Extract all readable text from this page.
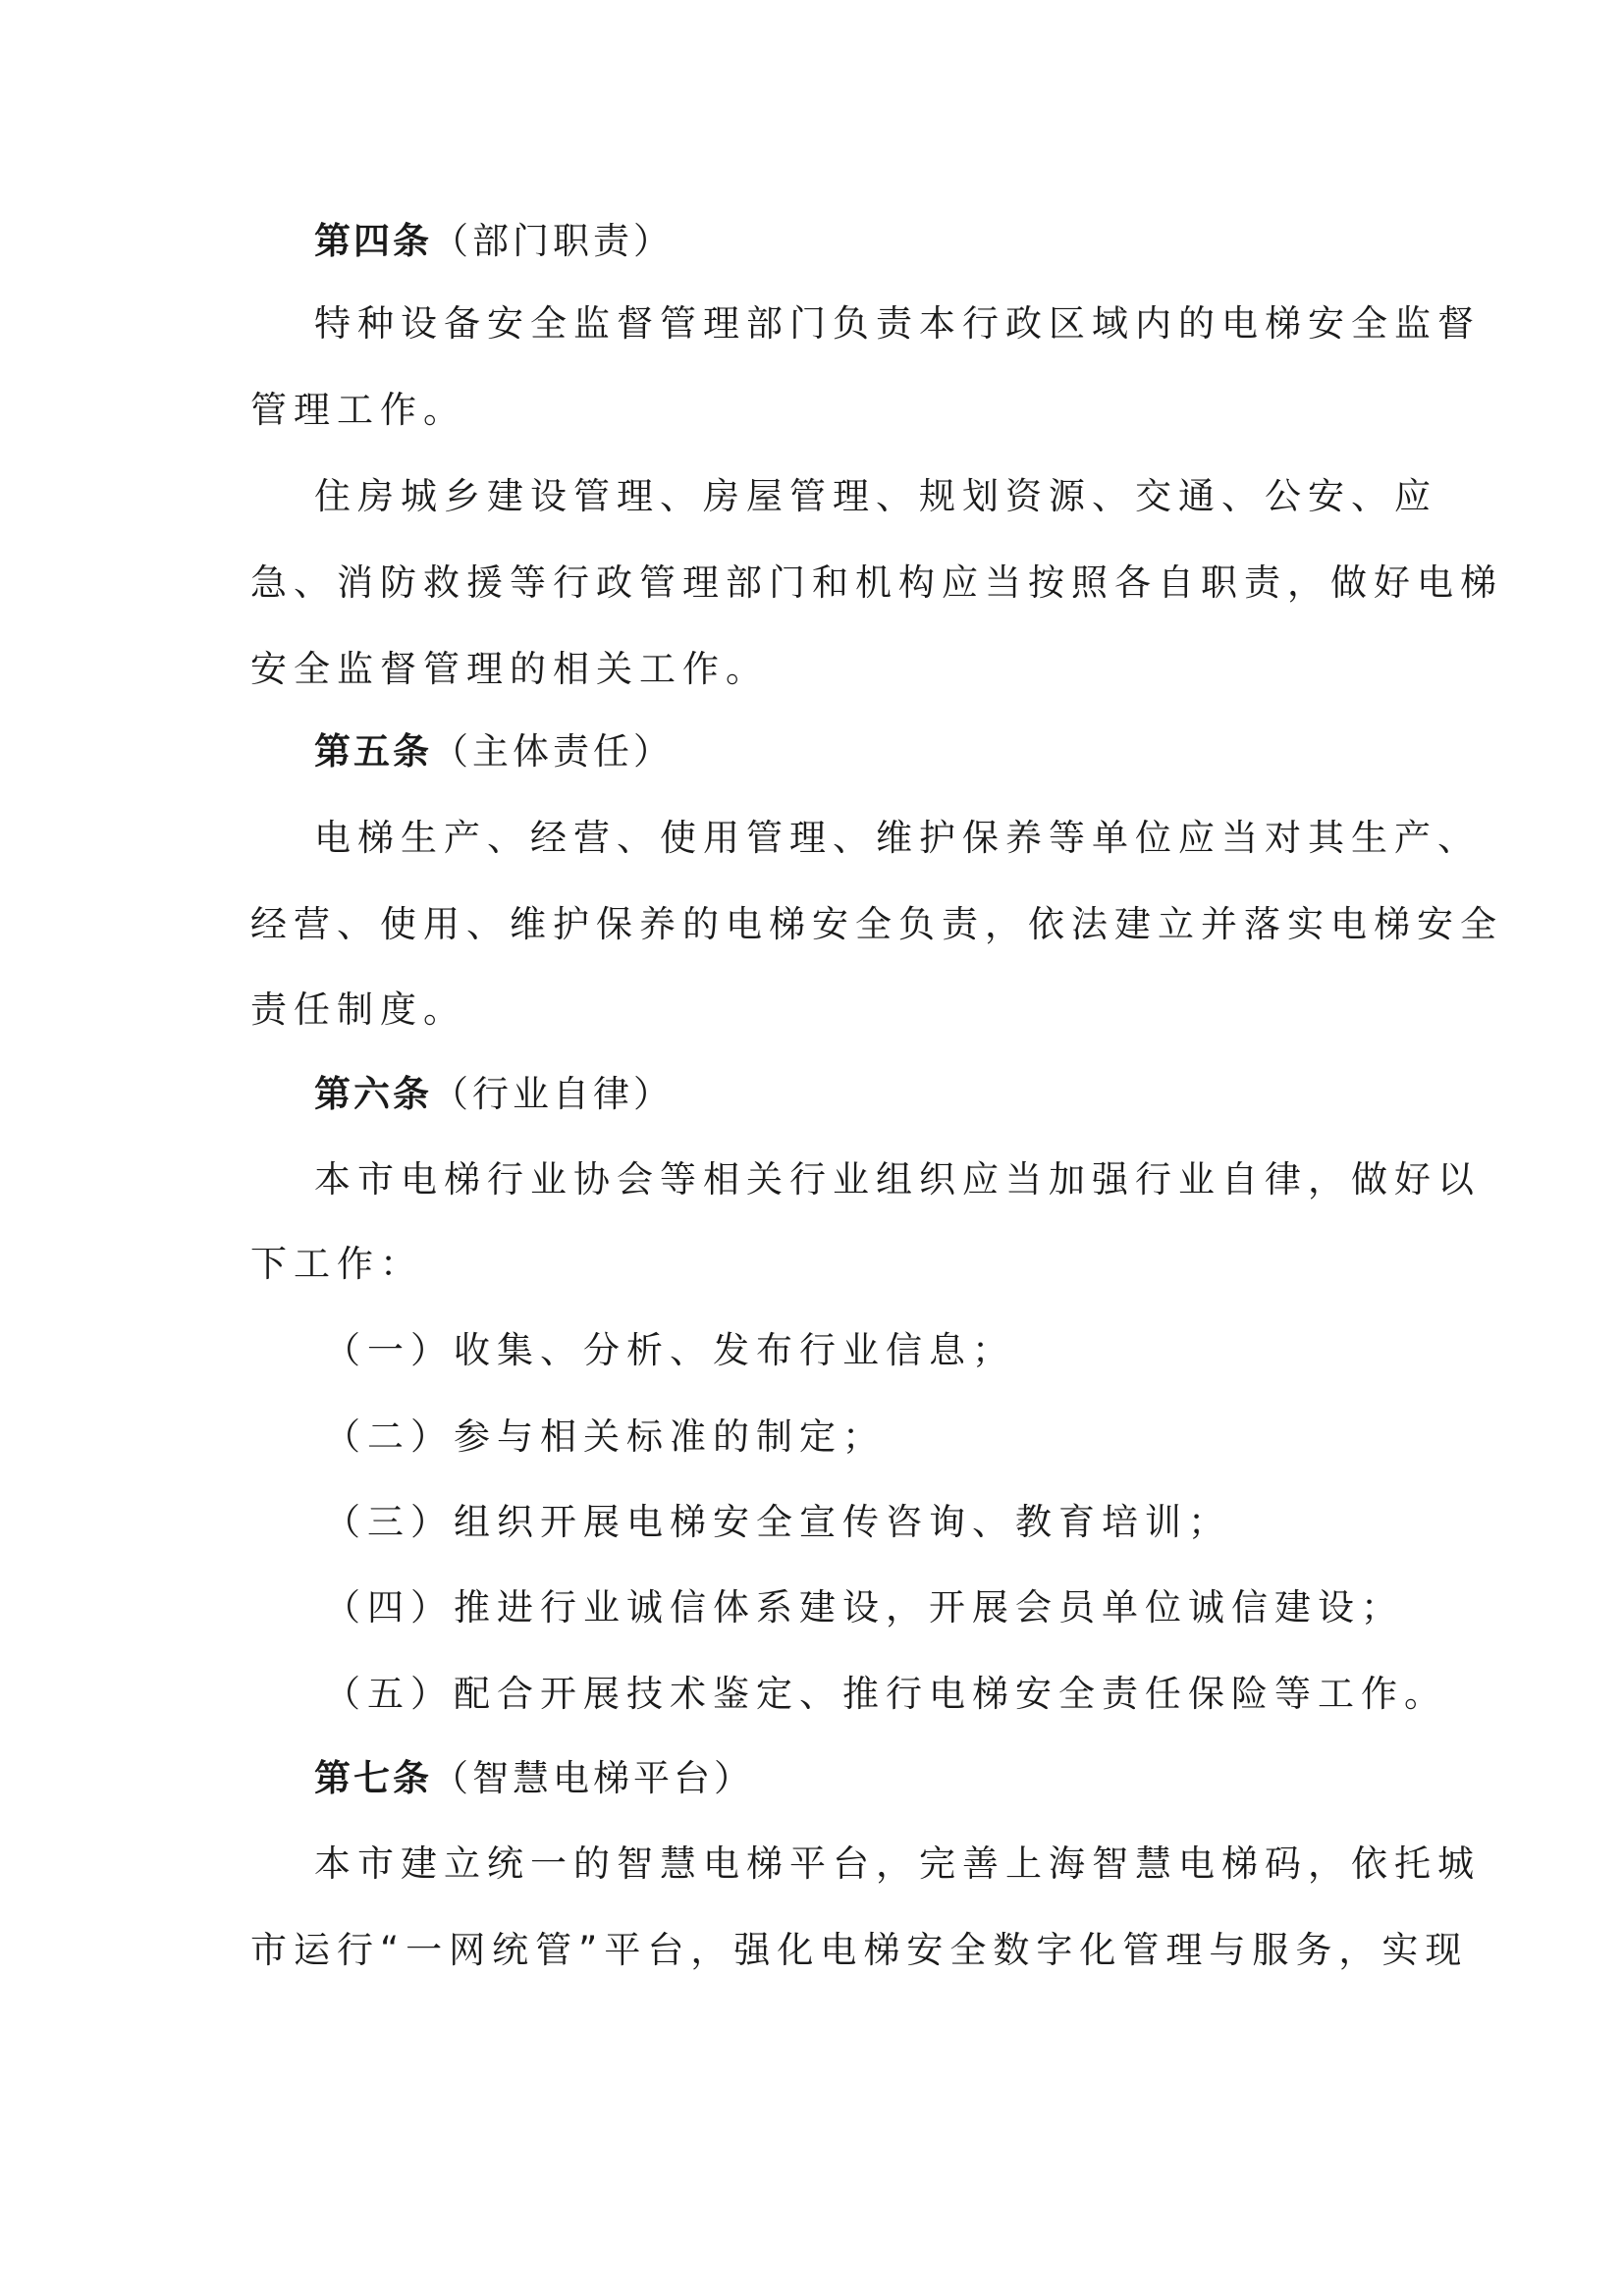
第四条（部门职责）
特种设备安全监督管理部门负责本行政区域内的电梯安全监督
管理工作。
住房城乡建设管理、房屋管理、规划资源、交通、公安、应
急、消防救援等行政管理部门和机构应当按照各自职责，做好电梯
安全监督管理的相关工作。
第五条（主体责任）
电梯生产、经营、使用管理、维护保养等单位应当对其生产、
经营、使用、维护保养的电梯安全负责，依法建立并落实电梯安全
责任制度。
第六条（行业自律）
本市电梯行业协会等相关行业组织应当加强行业自律，做好以
下工作：
（一）收集、分析、发布行业信息；
（二）参与相关标准的制定；
（三）组织开展电梯安全宣传咨询、教育培训；
（四）推进行业诚信体系建设，开展会员单位诚信建设；
（五）配合开展技术鉴定、推行电梯安全责任保险等工作。
第七条（智慧电梯平台）
本市建立统一的智慧电梯平台，完善上海智慧电梯码，依托城
市运行“一网统管”平台，强化电梯安全数字化管理与服务，实现
